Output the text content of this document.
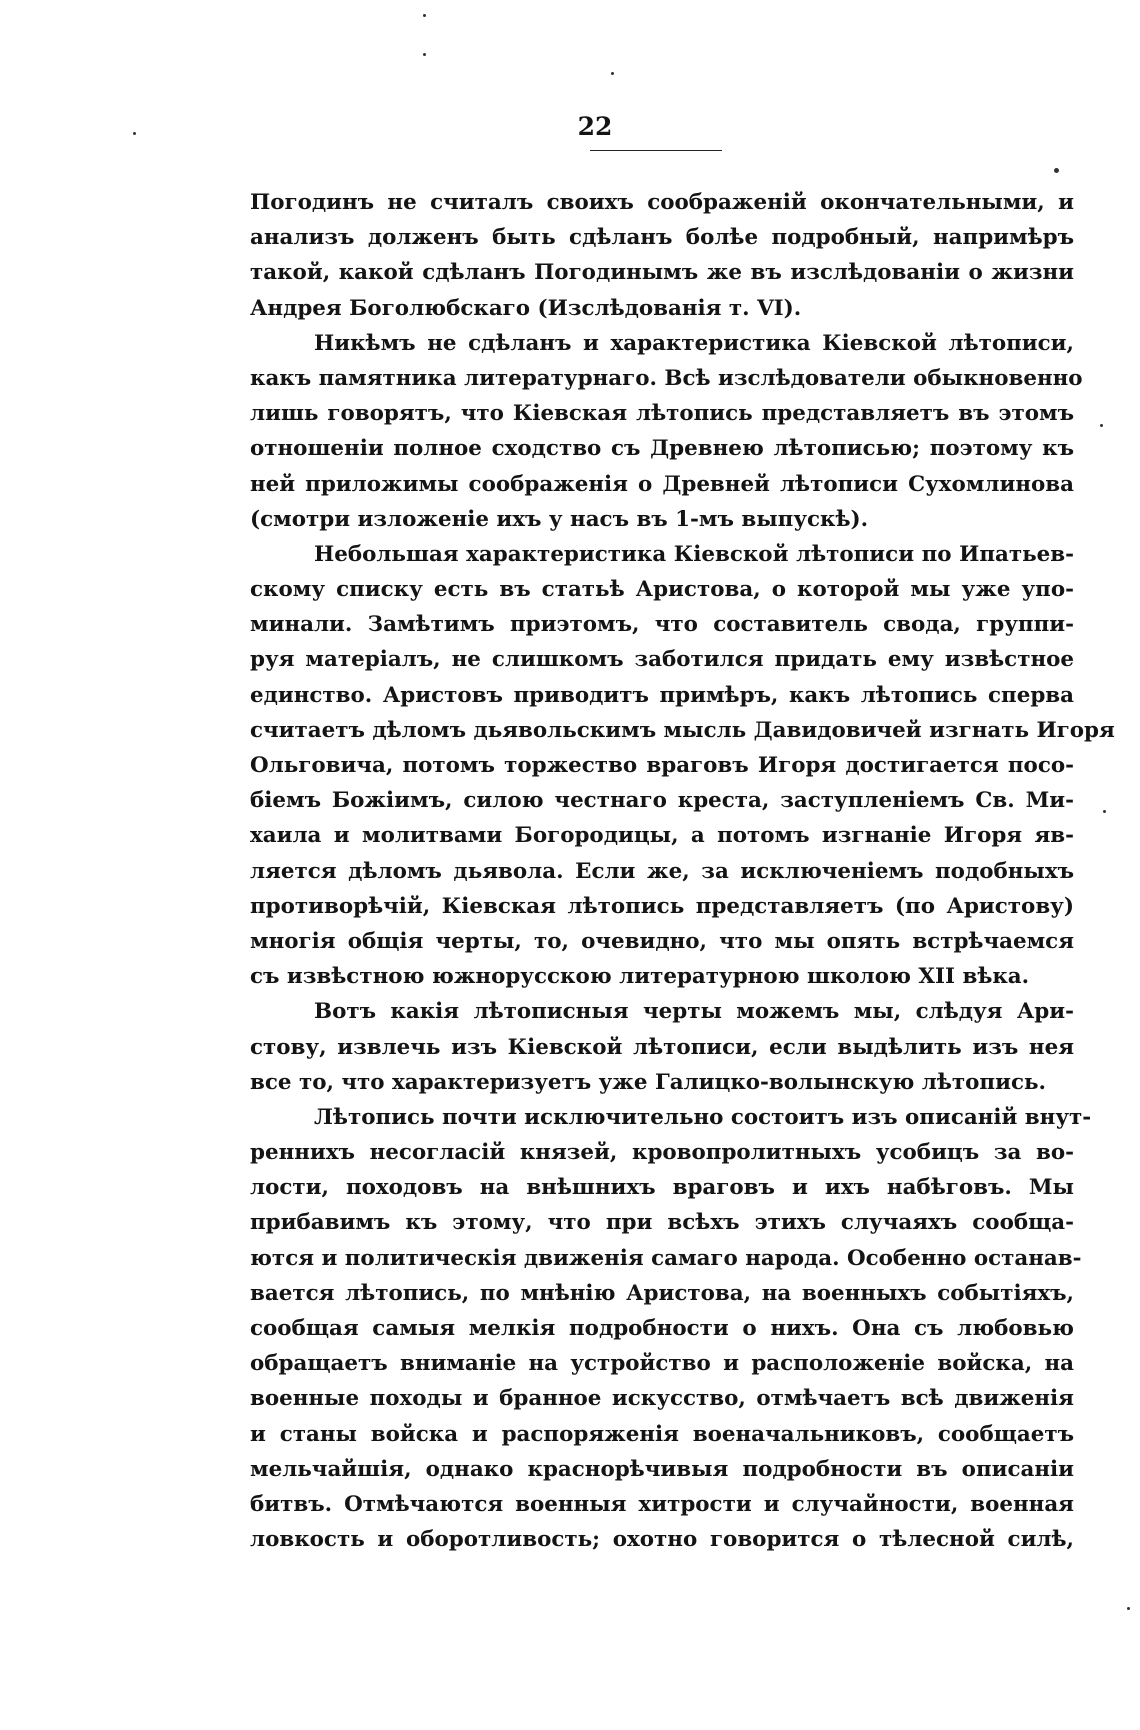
22
Погодинъ не считалъ своихъ соображеній окончательными, и
анализъ долженъ быть сдѣланъ болѣе подробный, напримѣръ
такой, какой сдѣланъ Погодинымъ же въ изслѣдованіи о жизни
Андрея Боголюбскаго (Изслѣдованія т. VI).
Никѣмъ не сдѣланъ и характеристика Кіевской лѣтописи,
какъ памятника литературнаго. Всѣ изслѣдователи обыкновенно
лишь говорятъ, что Кіевская лѣтопись представляетъ въ этомъ
отношеніи полное сходство съ Древнею лѣтописью; поэтому къ
ней приложимы соображенія о Древней лѣтописи Сухомлинова
(смотри изложеніе ихъ у насъ въ 1-мъ выпускѣ).
Небольшая характеристика Кіевской лѣтописи по Ипатьев-
скому списку есть въ статьѣ Аристова, о которой мы уже упо-
минали. Замѣтимъ приэтомъ, что составитель свода, группи-
руя матеріалъ, не слишкомъ заботился придать ему извѣстное
единство. Аристовъ приводитъ примѣръ, какъ лѣтопись сперва
считаетъ дѣломъ дьявольскимъ мысль Давидовичей изгнать Игоря
Ольговича, потомъ торжество враговъ Игоря достигается посо-
біемъ Божіимъ, силою честнаго креста, заступленіемъ Св. Ми-
хаила и молитвами Богородицы, а потомъ изгнаніе Игоря яв-
ляется дѣломъ дьявола. Если же, за исключеніемъ подобныхъ
противорѣчій, Кіевская лѣтопись представляетъ (по Аристову)
многія общія черты, то, очевидно, что мы опять встрѣчаемся
съ извѣстною южнорусскою литературною школою XII вѣка.
Вотъ какія лѣтописныя черты можемъ мы, слѣдуя Ари-
стову, извлечь изъ Кіевской лѣтописи, если выдѣлить изъ нея
все то, что характеризуетъ уже Галицко-волынскую лѣтопись.
Лѣтопись почти исключительно состоитъ изъ описаній внут-
реннихъ несогласій князей, кровопролитныхъ усобицъ за во-
лости, походовъ на внѣшнихъ враговъ и ихъ набѣговъ. Мы
прибавимъ къ этому, что при всѣхъ этихъ случаяхъ сообща-
ются и политическія движенія самаго народа. Особенно останав-
вается лѣтопись, по мнѣнію Аристова, на военныхъ событіяхъ,
сообщая самыя мелкія подробности о нихъ. Она съ любовью
обращаетъ вниманіе на устройство и расположеніе войска, на
военные походы и бранное искусство, отмѣчаетъ всѣ движенія
и станы войска и распоряженія военачальниковъ, сообщаетъ
мельчайшія, однако краснорѣчивыя подробности въ описаніи
битвъ. Отмѣчаются военныя хитрости и случайности, военная
ловкость и оборотливость; охотно говорится о тѣлесной силѣ,
